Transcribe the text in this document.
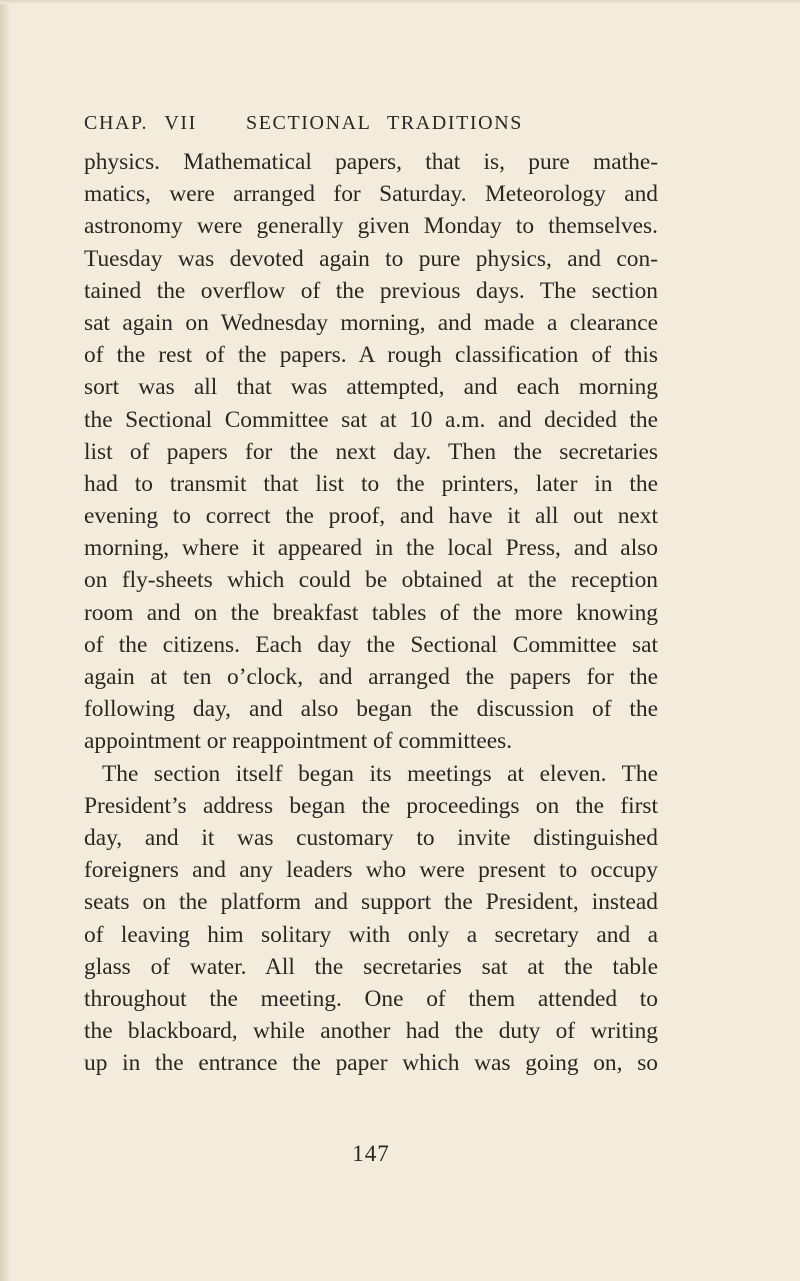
CHAP. VII SECTIONAL TRADITIONS
physics. Mathematical papers, that is, pure mathe-
matics, were arranged for Saturday. Meteorology and
astronomy were generally given Monday to themselves.
Tuesday was devoted again to pure physics, and con-
tained the overflow of the previous days. The section
sat again on Wednesday morning, and made a clearance
of the rest of the papers. A rough classification of this
sort was all that was attempted, and each morning
the Sectional Committee sat at 10 a.m. and decided the
list of papers for the next day. Then the secretaries
had to transmit that list to the printers, later in the
evening to correct the proof, and have it all out next
morning, where it appeared in the local Press, and also
on fly-sheets which could be obtained at the reception
room and on the breakfast tables of the more knowing
of the citizens. Each day the Sectional Committee sat
again at ten o’clock, and arranged the papers for the
following day, and also began the discussion of the
appointment or reappointment of committees.
The section itself began its meetings at eleven. The
President’s address began the proceedings on the first
day, and it was customary to invite distinguished
foreigners and any leaders who were present to occupy
seats on the platform and support the President, instead
of leaving him solitary with only a secretary and a
glass of water. All the secretaries sat at the table
throughout the meeting. One of them attended to
the blackboard, while another had the duty of writing
up in the entrance the paper which was going on, so
147
